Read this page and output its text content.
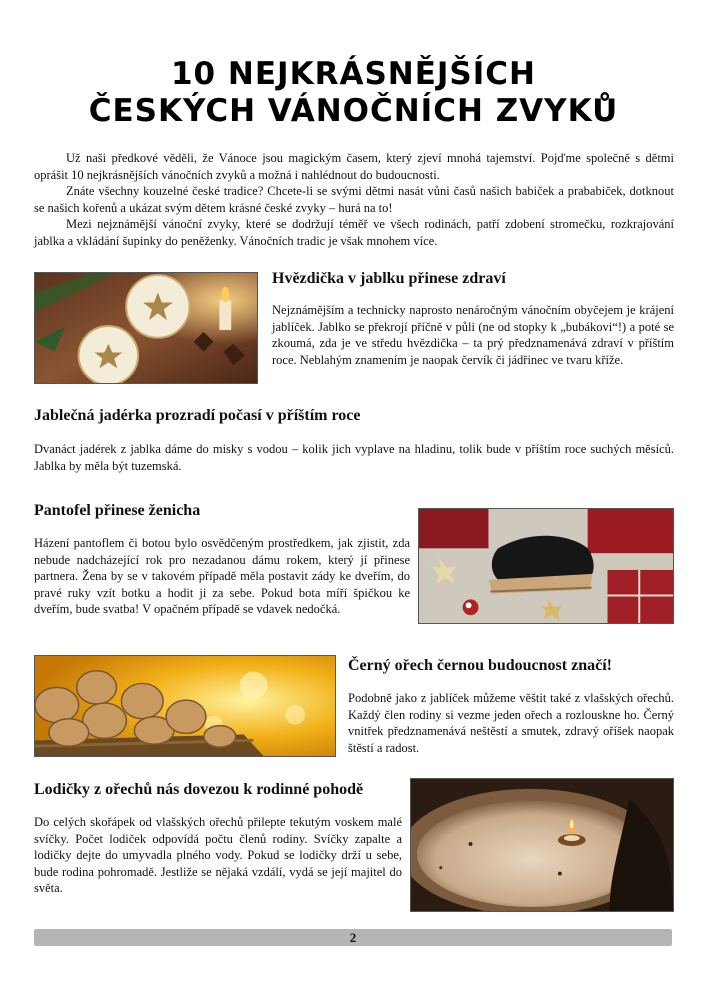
10 NEJKRÁSNĚJŠÍCH
ČESKÝCH VÁNOČNÍCH ZVYKŮ

Už naši předkové věděli, že Vánoce jsou magickým časem, který zjeví mnohá tajemství. Pojďme společně s dětmi oprášit 10 nejkrásnějších vánočních zvyků a možná i nahlédnout do budoucnosti.

Znáte všechny kouzelné české tradice? Chcete-li se svými dětmi nasát vůni časů našich babiček a prababiček, dotknout se našich kořenů a ukázat svým dětem krásné české zvyky – hurá na to!

Mezi nejznámější vánoční zvyky, které se dodržují téměř ve všech rodinách, patří zdobení stromečku, rozkrajování jablka a vkládání šupinky do peněženky. Vánočních tradic je však mnohem více.

Hvězdička v jablku přinese zdraví
Nejznámějším a technicky naprosto nenáročným vánočním obyčejem je krájení jablíček. Jablko se překrojí příčně v půli (ne od stopky k „bubákovi“!) a poté se zkoumá, zda je ve středu hvězdička – ta prý předznamenává zdraví v příštím roce. Neblahým znamením je naopak červík či jádřinec ve tvaru kříže.
Jablečná jadérka prozradí počasí v příštím roce
Dvanáct jadérek z jablka dáme do misky s vodou – kolik jich vyplave na hladinu, tolik bude v příštím roce suchých měsíců. Jablka by měla být tuzemská.
Pantofel přinese ženicha
Házení pantoflem či botou bylo osvědčeným prostředkem, jak zjistit, zda nebude nadcházející rok pro nezadanou dámu rokem, který jí přinese partnera. Žena by se v takovém případě měla postavit zády ke dveřím, do pravé ruky vzít botku a hodit ji za sebe. Pokud bota míří špičkou ke dveřím, bude svatba! V opačném případě se vdavek nedočká.
Černý ořech černou budoucnost značí!
Podobně jako z jablíček můžeme věštit také z vlašských ořechů. Každý člen rodiny si vezme jeden ořech a rozlouskne ho. Černý vnitřek předznamenává neštěstí a smutek, zdravý oříšek naopak štěstí a radost.
Lodičky z ořechů nás dovezou k rodinné pohodě
Do celých skořápek od vlašských ořechů přilepte tekutým voskem malé svíčky. Počet lodiček odpovídá počtu členů rodiny. Svíčky zapalte a lodičky dejte do umyvadla plného vody. Pokud se lodičky drží u sebe, bude rodina pohromadě. Jestliže se nějaká vzdálí, vydá se její majitel do světa.
2
